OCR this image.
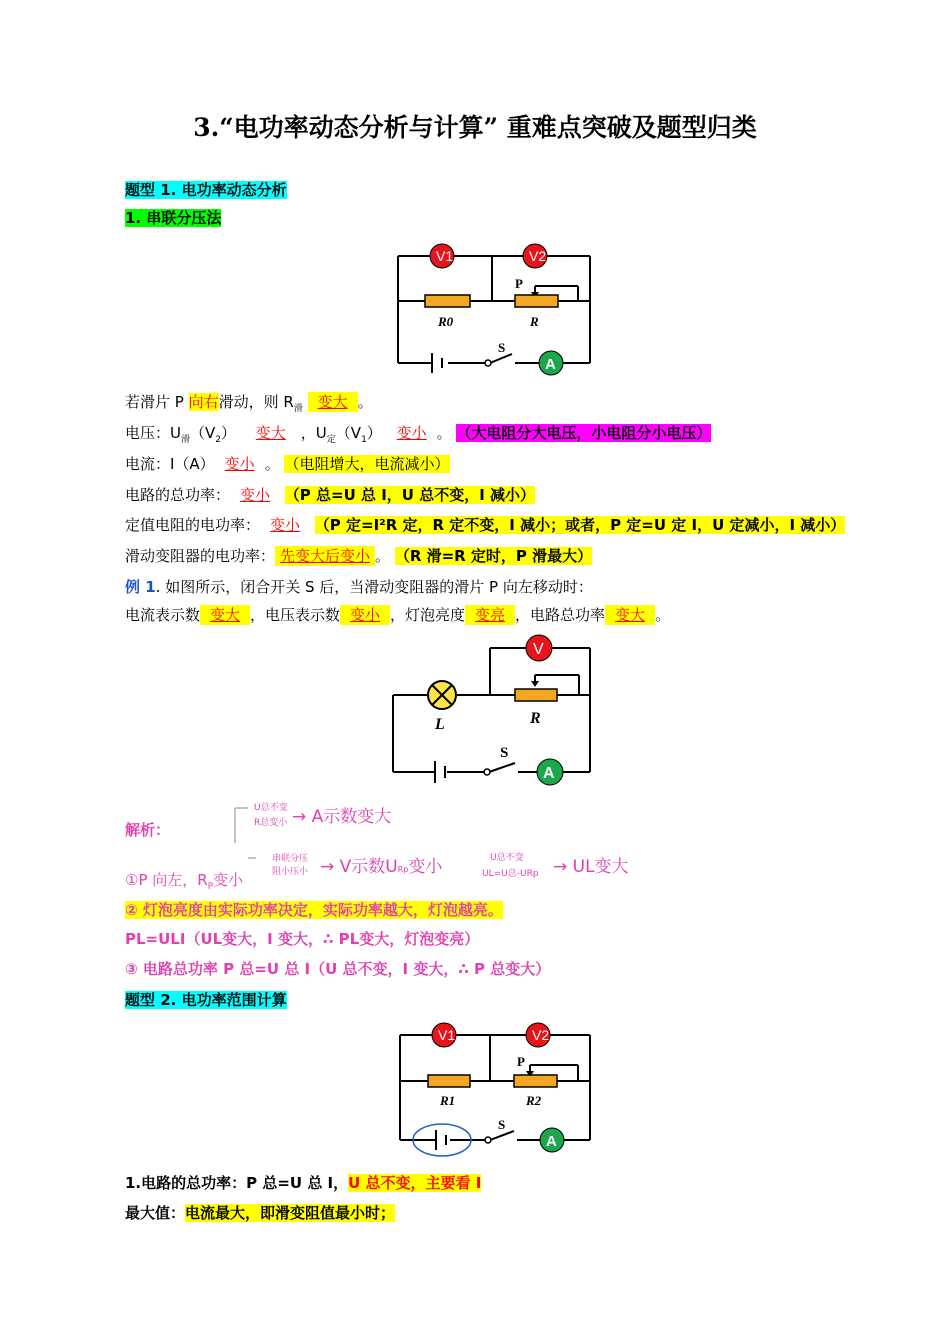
3.“电功率动态分析与计算” 重难点突破及题型归类
题型 1. 电功率动态分析
1. 串联分压法
V1	V2
A
P
R0	R
S
若滑片 P 向右滑动，则 $R_滑$ 变大 。
电压：$U_滑(V_2)$ 变大 ，$U_定(V_1)$ 变小 。 （大电阻分大电压，小电阻分小电压）
电流：I（A） 变小 。 （电阻增大，电流减小）
电路的总功率： 变小 （P 总=U 总 I，U 总不变，I 减小）
定值电阻的电功率： 变小 （P 定=I²R 定，R 定不变，I 减小；或者，P 定=U 定 I，U 定减小，I 减小）
滑动变阻器的电功率： 先变大后变小 。 （R 滑=R 定时，P 滑最大）
例 1. 如图所示，闭合开关 S 后，当滑动变阻器的滑片 P 向左移动时：
电流表示数 变大 ，电压表示数 变小 ，灯泡亮度 变亮 ，电路总功率 变大 。
V
A
L	R
S
解析：
U总不变
R总变小 → A示数变大
串联分压
阻小压小 → V示数URp变小	U总不变
UL=U总-URp → UL变大
①P 向左，$R_P$变小
② 灯泡亮度由实际功率决定，实际功率越大，灯泡越亮。
PL=ULI（UL变大，I 变大，∴ PL变大，灯泡变亮）
③ 电路总功率 P 总=U 总 I（U 总不变，I 变大，∴ P 总变大）
题型 2. 电功率范围计算
V1	V2
A
P
R1	R2
S
1.电路的总功率：P 总=U 总 I，U 总不变，主要看 I
最大值：电流最大，即滑变阻值最小时；
